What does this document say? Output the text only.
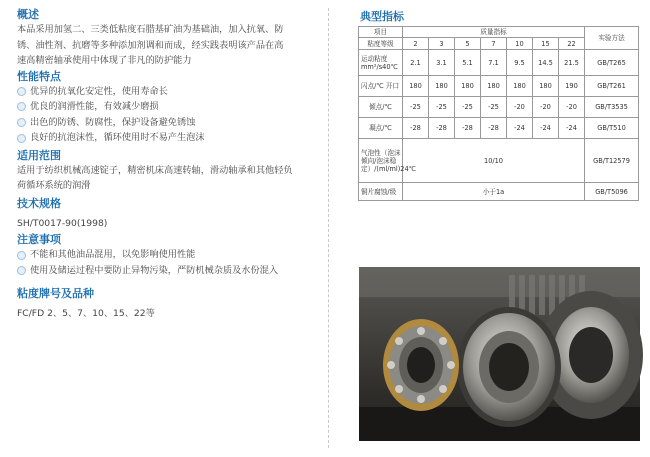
概述
本品采用加氢二、三类低粘度石腊基矿油为基础油，加入抗氧、防
锈、油性剂、抗磨等多种添加剂调和而成，经实践表明该产品在高
速高精密轴承使用中体现了非凡的防护能力
性能特点
优异的抗氧化安定性，使用寿命长
优良的润滑性能，有效减少磨损
出色的防锈、防腐性，保护设备避免锈蚀
良好的抗泡沫性，循环使用时不易产生泡沫
适用范围
适用于纺织机械高速锭子，精密机床高速转轴，滑动轴承和其他轻负
荷循环系统的润滑
技术规格
SH/T0017-90(1998)
注意事项
不能和其他油品混用，以免影响使用性能
使用及储运过程中要防止异物污染，严防机械杂质及水份混入
粘度牌号及品种
FC/FD 2、5、7、10、15、22等
典型指标
项目	质量指标							实验方法
粘度等级	2	3	5	7	10	15	22	
运动粘度mm²/s40℃	2.1	3.1	5.1	7.1	9.5	14.5	21.5	GB/T265
闪点/℃ 开口	180	180	180	180	180	180	190	GB/T261
倾点/℃	-25	-25	-25	-25	-20	-20	-20	GB/T3535
凝点/℃	-28	-28	-28	-28	-24	-24	-24	GB/T510
气泡性（泡沫倾向/泡沫稳定）/(ml/ml)24℃	10/10							GB/T12579
铜片腐蚀/级	小于1a							GB/T5096
